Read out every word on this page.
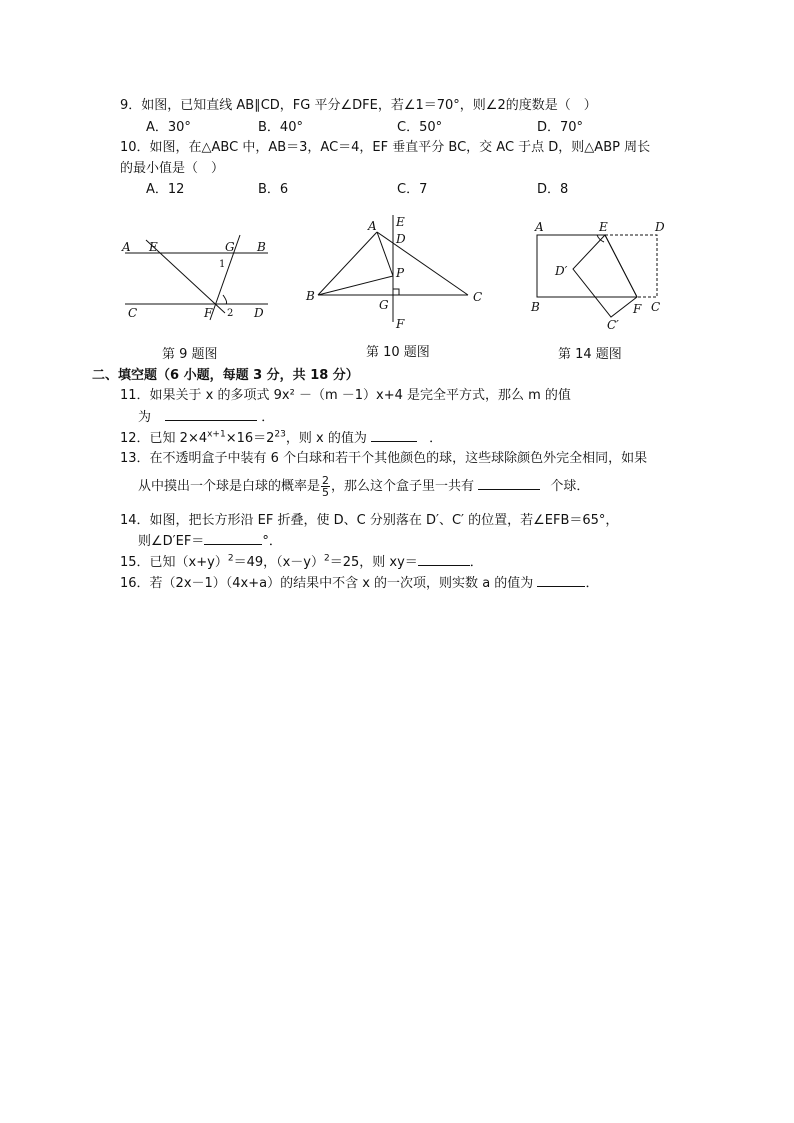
9．如图，已知直线 AB∥CD，FG 平分∠DFE，若∠1＝70°，则∠2的度数是（　）
A．30°	B．40°	C．50°	D．70°
10．如图，在△ABC 中，AB＝3，AC＝4，EF 垂直平分 BC，交 AC 于点 D，则△ABP 周长
的最小值是（　）
A．12	B．6	C．7	D．8
A E	G B
1
C	F 2 D
第 9 题图
A E
D
P
B
G
C
F
第 10 题图
A	E	D
D′
B	F C
C′
第 14 题图
二、填空题（6 小题，每题 3 分，共 18 分）
11．如果关于 x 的多项式 9x² －（m －1）x+4 是完全平方式，那么 m 的值
为	．
12．已知 $2\times 4^{x+1}\times 16=2^{23}$，则 x 的值为	．
13．在不透明盒子中装有 6 个白球和若干个其他颜色的球，这些球除颜色外完全相同，如果
从中摸出一个球是白球的概率是 $\frac{2}{5}$ ，那么这个盒子里一共有	个球．
14．如图，把长方形沿 EF 折叠，使 D、C 分别落在 D′、C′ 的位置，若∠EFB＝65°，
则∠D′EF＝	°．
15．已知$(x+y)^2=49$，$(x-y)^2=25$，则 xy＝	．
16．若（2x－1）（4x+a）的结果中不含 x 的一次项，则实数 a 的值为	．
